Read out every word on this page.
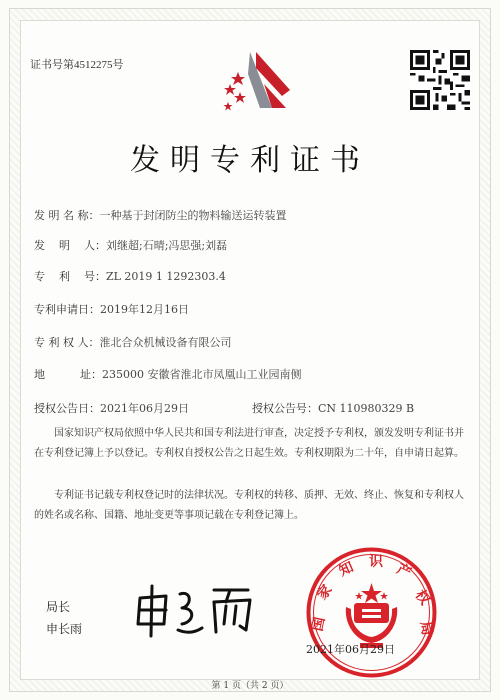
证书号第4512275号
发明专利证书
发 明 名 称：一种基于封闭防尘的物料输送运转装置
发    明    人：刘继超;石晴;冯思强;刘磊
专    利    号：ZL 2019 1 1292303.4
专利申请日：2019年12月16日
专 利 权 人：淮北合众机械设备有限公司
地          址：235000 安徽省淮北市凤凰山工业园南侧
授权公告日：2021年06月29日	授权公告号：CN 110980329 B
国家知识产权局依照中华人民共和国专利法进行审查，决定授予专利权，颁发发明专利证书并在专利登记簿上予以登记。专利权自授权公告之日起生效。专利权期限为二十年，自申请日起算。
专利证书记载专利权登记时的法律状况。专利权的转移、质押、无效、终止、恢复和专利权人的姓名或名称、国籍、地址变更等事项记载在专利登记簿上。
局长
申长雨	国
家
知 识 产
权
局
2021年06月29日
第 1 页（共 2 页）
